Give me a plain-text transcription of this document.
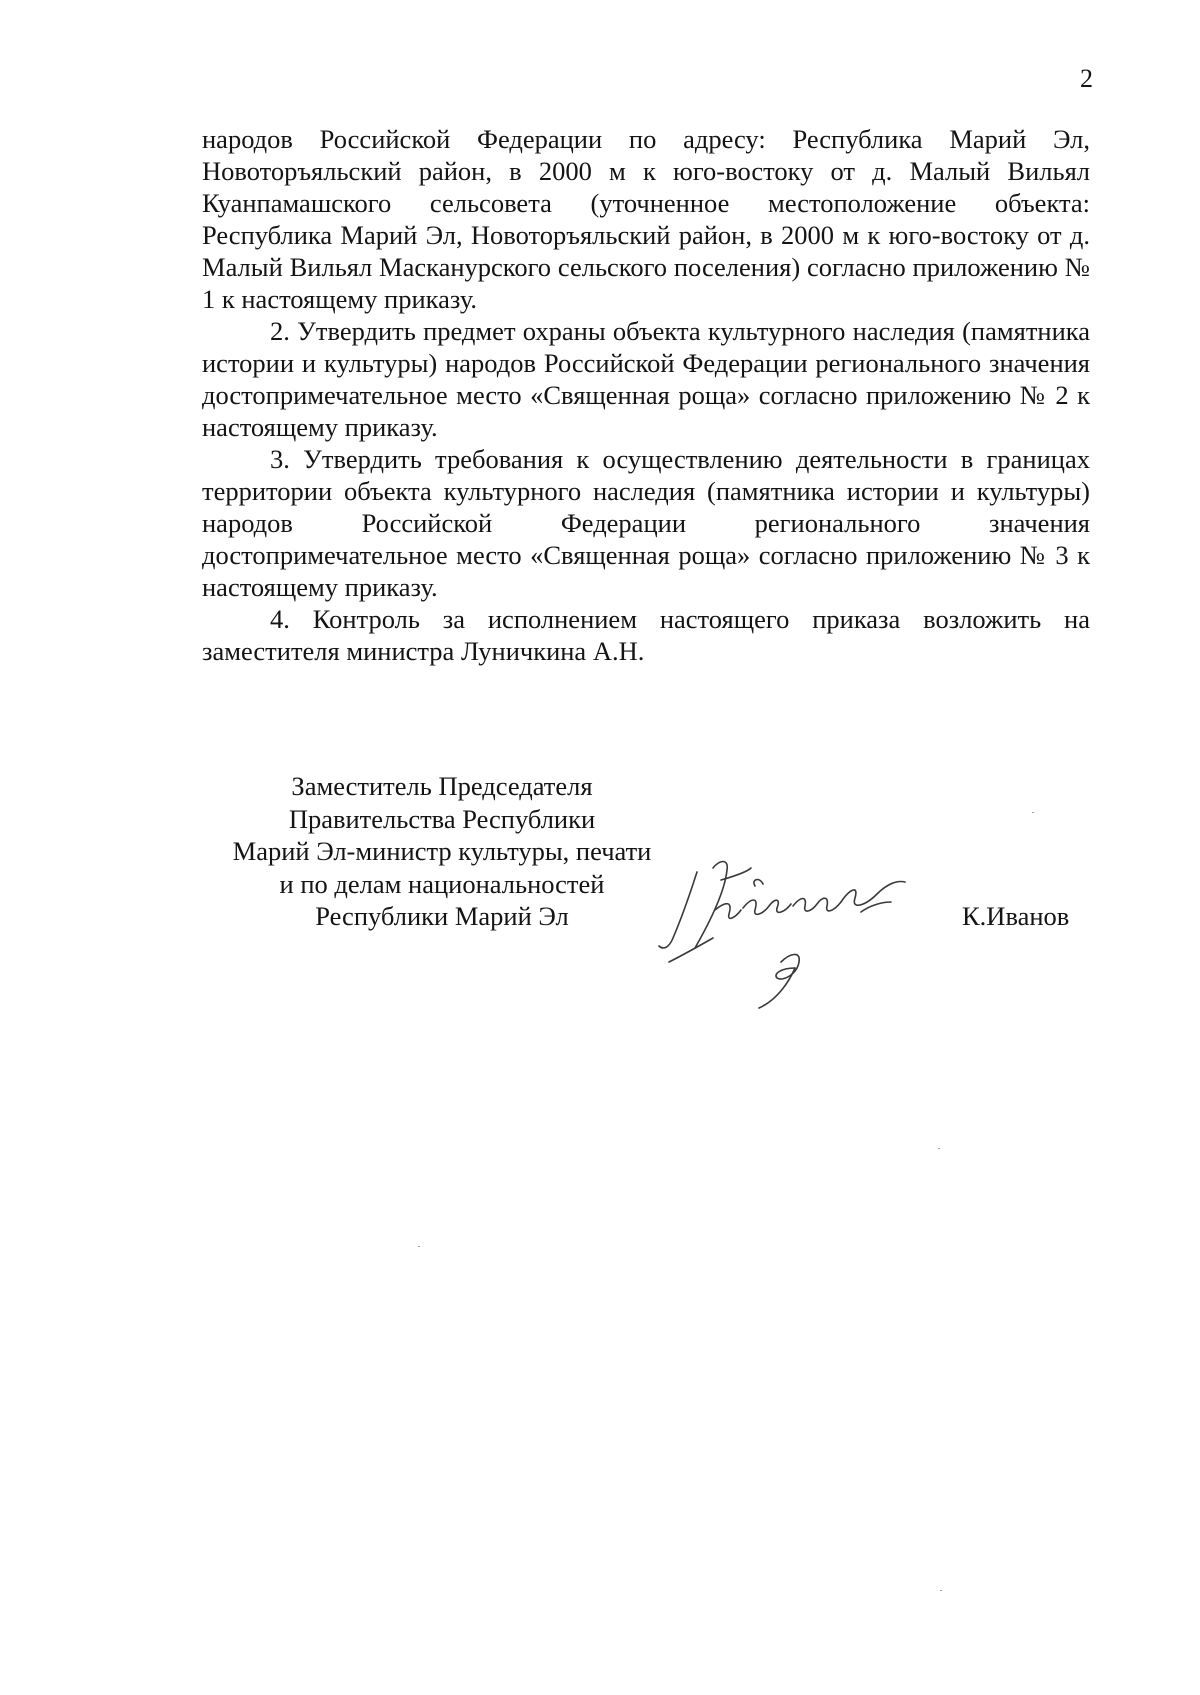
2

народов Российской Федерации по адресу: Республика Марий Эл, Новоторъяльский район, в 2000 м к юго-востоку от д. Малый Вильял Куанпамашского сельсовета (уточненное местоположение объекта: Республика Марий Эл, Новоторъяльский район, в 2000 м к юго-востоку от д. Малый Вильял Маскануpского сельского поселения) согласно приложению № 1 к настоящему приказу.

2. Утвердить предмет охраны объекта культурного наследия (памятника истории и культуры) народов Российской Федерации регионального значения достопримечательное место «Священная роща» согласно приложению № 2 к настоящему приказу.

3. Утвердить требования к осуществлению деятельности в границах территории объекта культурного наследия (памятника истории и культуры) народов Российской Федерации регионального значения достопримечательное место «Священная роща» согласно приложению № 3 к настоящему приказу.

4. Контроль за исполнением настоящего приказа возложить на заместителя министра Луничкина А.Н.

Заместитель Председателя
Правительства Республики
Марий Эл-министр культуры, печати
и по делам национальностей
Республики Марий Эл	К.Иванов
